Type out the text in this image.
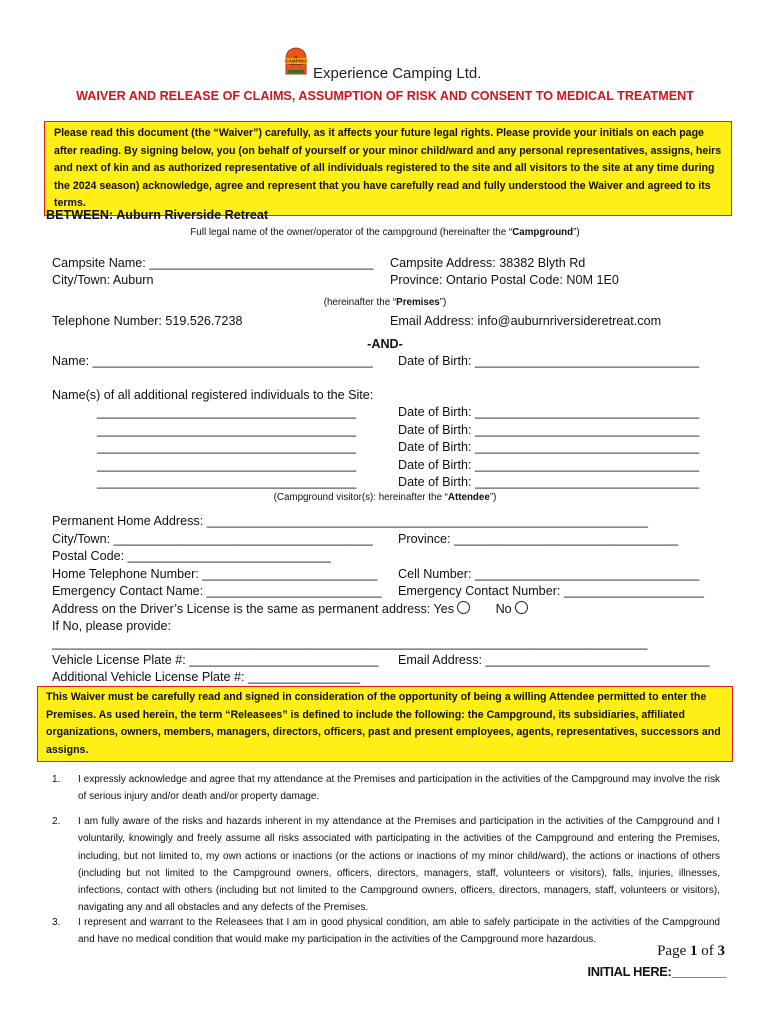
CAMPING
Experience Camping Ltd.
WAIVER AND RELEASE OF CLAIMS, ASSUMPTION OF RISK AND CONSENT TO MEDICAL TREATMENT
Please read this document (the “Waiver”) carefully, as it affects your future legal rights. Please provide your initials on each page after reading. By signing below, you (on behalf of yourself or your minor child/ward and any personal representatives, assigns, heirs and next of kin and as authorized representative of all individuals registered to the site and all visitors to the site at any time during the 2024 season) acknowledge, agree and represent that you have carefully read and fully understood the Waiver and agreed to its terms.
BETWEEN: Auburn Riverside Retreat
Full legal name of the owner/operator of the campground (hereinafter the “Campground”)
Campsite Name: ________________________________ Campsite Address: 38382 Blyth Rd
City/Town: Auburn	Province: Ontario Postal Code: N0M 1E0
(hereinafter the “Premises”)
Telephone Number: 519.526.7238	Email Address: info@auburnriversideretreat.com
-AND-
Name: ________________________________________ Date of Birth: ________________________________
Name(s) of all additional registered individuals to the Site:
_____________________________________	Date of Birth: ________________________________
_____________________________________	Date of Birth: ________________________________
_____________________________________	Date of Birth: ________________________________
_____________________________________	Date of Birth: ________________________________
_____________________________________	Date of Birth: ________________________________
(Campground visitor(s): hereinafter the “Attendee”)
Permanent Home Address: _______________________________________________________________
City/Town: _____________________________________ Province: ________________________________
Postal Code: _____________________________
Home Telephone Number: _________________________ Cell Number: ________________________________
Emergency Contact Name: _________________________ Emergency Contact Number: ____________________
Address on the Driver’s License is the same as permanent address: Yes	No
If No, please provide:
_____________________________________________________________________________________
Vehicle License Plate #: ___________________________ Email Address: ________________________________
Additional Vehicle License Plate #: ________________
This Waiver must be carefully read and signed in consideration of the opportunity of being a willing Attendee permitted to enter the Premises. As used herein, the term “Releasees” is defined to include the following: the Campground, its subsidiaries, affiliated organizations, owners, members, managers, directors, officers, past and present employees, agents, representatives, successors and assigns.
1. I expressly acknowledge and agree that my attendance at the Premises and participation in the activities of the Campground may involve the risk of serious injury and/or death and/or property damage.
2. I am fully aware of the risks and hazards inherent in my attendance at the Premises and participation in the activities of the Campground and I voluntarily, knowingly and freely assume all risks associated with participating in the activities of the Campground and entering the Premises, including, but not limited to, my own actions or inactions (or the actions or inactions of my minor child/ward), the actions or inactions of others (including but not limited to the Campground owners, officers, directors, managers, staff, volunteers or visitors), falls, injuries, illnesses, infections, contact with others (including but not limited to the Campground owners, officers, directors, managers, staff, volunteers or visitors), navigating any and all obstacles and any defects of the Premises.
3. I represent and warrant to the Releasees that I am in good physical condition, am able to safely participate in the activities of the Campground and have no medical condition that would make my participation in the activities of the Campground more hazardous.
Page 1 of 3
INITIAL HERE:________
